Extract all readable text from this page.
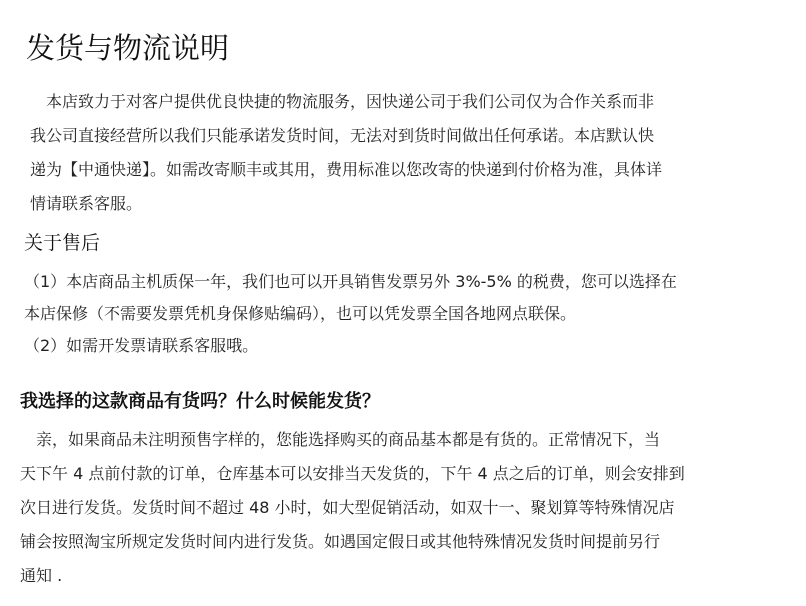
发货与物流说明
　本店致力于对客户提供优良快捷的物流服务，因快递公司于我们公司仅为合作关系而非
我公司直接经营所以我们只能承诺发货时间，无法对到货时间做出任何承诺。本店默认快
递为【中通快递】。如需改寄顺丰或其用，费用标准以您改寄的快递到付价格为准，具体详
情请联系客服。
关于售后
（1）本店商品主机质保一年，我们也可以开具销售发票另外 3%-5% 的税费，您可以选择在
本店保修（不需要发票凭机身保修贴编码），也可以凭发票全国各地网点联保。
（2）如需开发票请联系客服哦。
我选择的这款商品有货吗？什么时候能发货？
　亲，如果商品未注明预售字样的，您能选择购买的商品基本都是有货的。正常情况下，当
天下午 4 点前付款的订单，仓库基本可以安排当天发货的，下午 4 点之后的订单，则会安排到
次日进行发货。发货时间不超过 48 小时，如大型促销活动，如双十一、聚划算等特殊情况店
铺会按照淘宝所规定发货时间内进行发货。如遇国定假日或其他特殊情况发货时间提前另行
通知 .
